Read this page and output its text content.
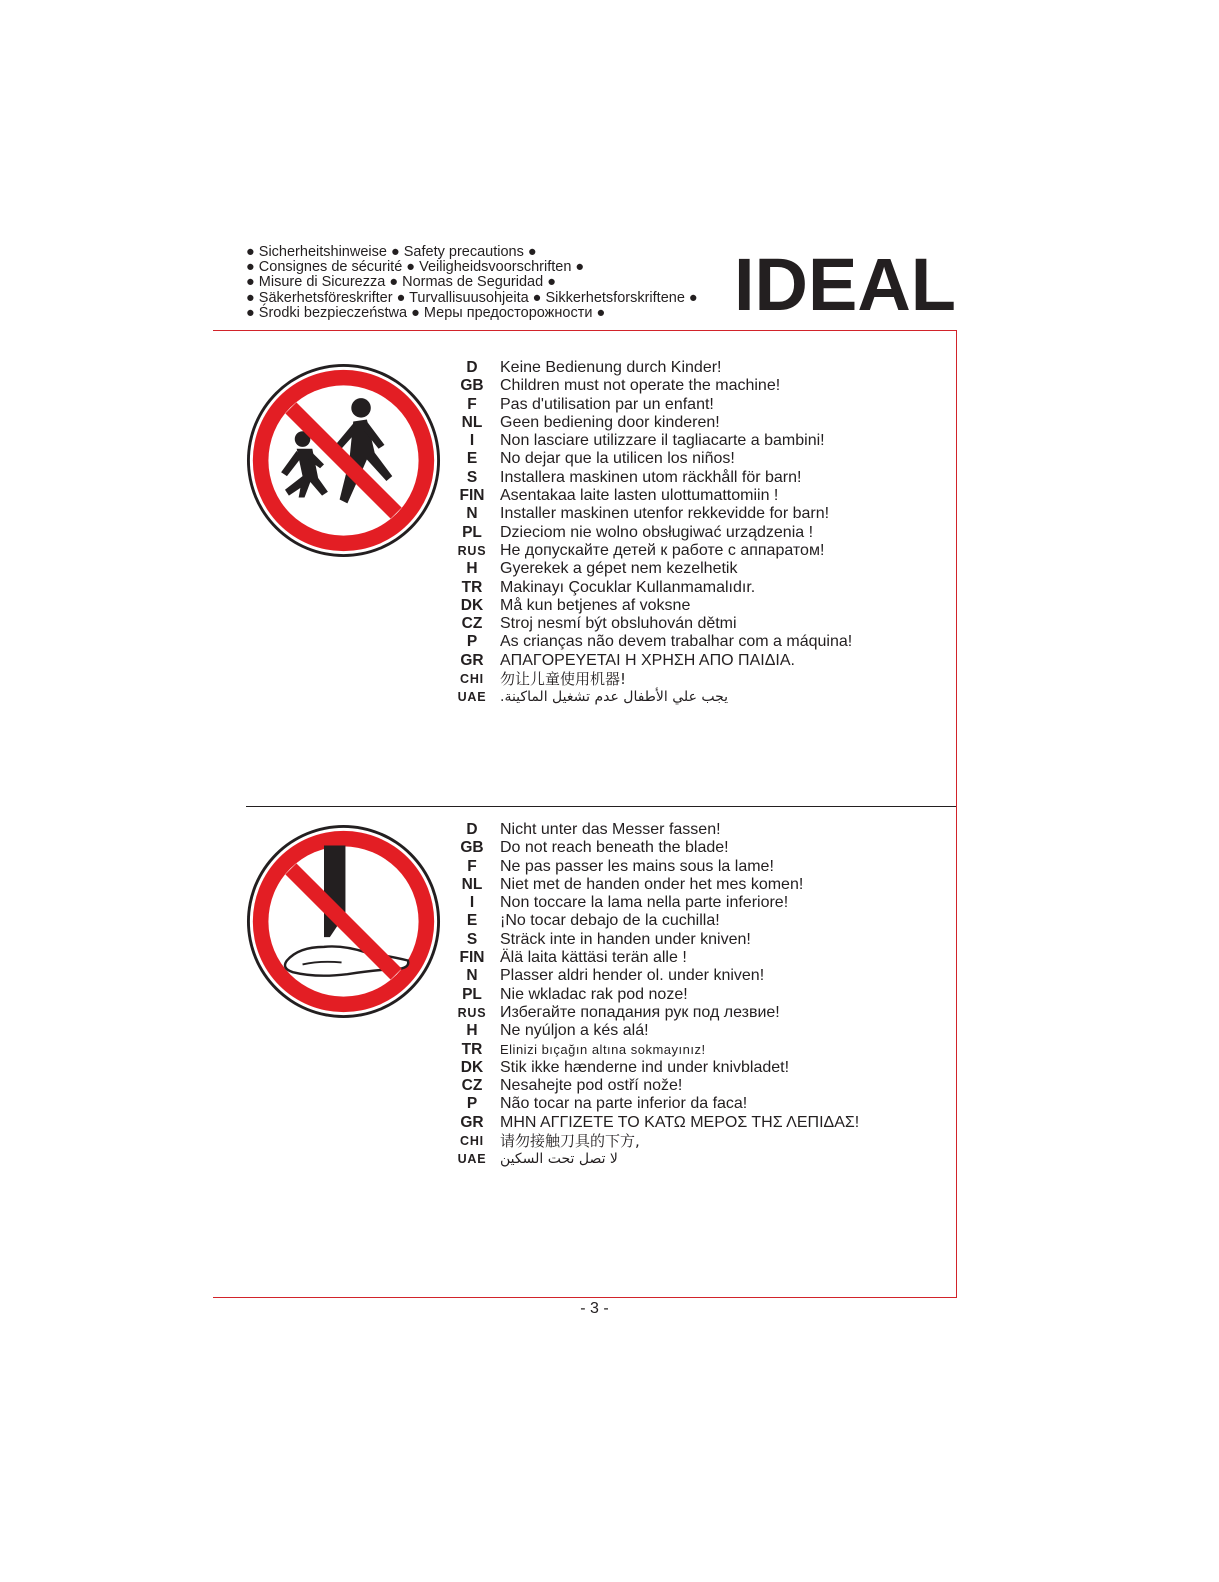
● Sicherheitshinweise ● Safety precautions ●
● Consignes de sécurité ● Veiligheidsvoorschriften ●
● Misure di Sicurezza ● Normas de Seguridad ●
● Säkerhetsföreskrifter ● Turvallisuusohjeita ● Sikkerhetsforskriftene ●
● Środki bezpieczeństwa ● Меры предосторожности ●	IDEAL
D	Keine Bedienung durch Kinder!
GB	Children must not operate the machine!
F	Pas d'utilisation par un enfant!
NL	Geen bediening door kinderen!
I	Non lasciare utilizzare il tagliacarte a bambini!
E	No dejar que la utilicen los niños!
S	Installera maskinen utom räckhåll för barn!
FIN Asentakaa laite lasten ulottumattomiin !
N	Installer maskinen utenfor rekkevidde for barn!
PL	Dzieciom nie wolno obsługiwać urządzenia !
RUS Не допускайте детей к работе с аппаратом!
H	Gyerekek a gépet nem kezelhetik
TR	Makinayı Çocuklar Kullanmamalıdır.
DK	Må kun betjenes af voksne
CZ	Stroj nesmí být obsluhován dětmi
P	As crianças não devem trabalhar com a máquina!
GR	ΑΠΑΓΟΡΕΥΕΤΑΙ Η ΧΡΗΣΗ ΑΠΟ ΠΑΙΔΙΑ.
CHI	勿让儿童使用机器!
UAE يجب علي الأطفال عدم تشغيل الماكينة.
D	Nicht unter das Messer fassen!
GB	Do not reach beneath the blade!
F	Ne pas passer les mains sous la lame!
NL	Niet met de handen onder het mes komen!
I	Non toccare la lama nella parte inferiore!
E	¡No tocar debajo de la cuchilla!
S	Sträck inte in handen under kniven!
FIN Älä laita kättäsi terän alle !
N	Plasser aldri hender ol. under kniven!
PL	Nie wkladac rak pod noze!
RUS Избегайте попадания рук под лезвие!
H	Ne nyúljon a kés alá!
TR	Elinizi bıçağın altına sokmayınız!
DK	Stik ikke hænderne ind under knivbladet!
CZ	Nesahejte pod ostří nože!
P	Não tocar na parte inferior da faca!
GR	ΜΗΝ ΑΓΓΙΖΕΤΕ ΤΟ ΚΑΤΩ ΜΕΡΟΣ ΤΗΣ ΛΕΠΙΔΑΣ!
CHI	请勿接触刀具的下方,
UAE لا تصل تحت السكين
- 3 -
